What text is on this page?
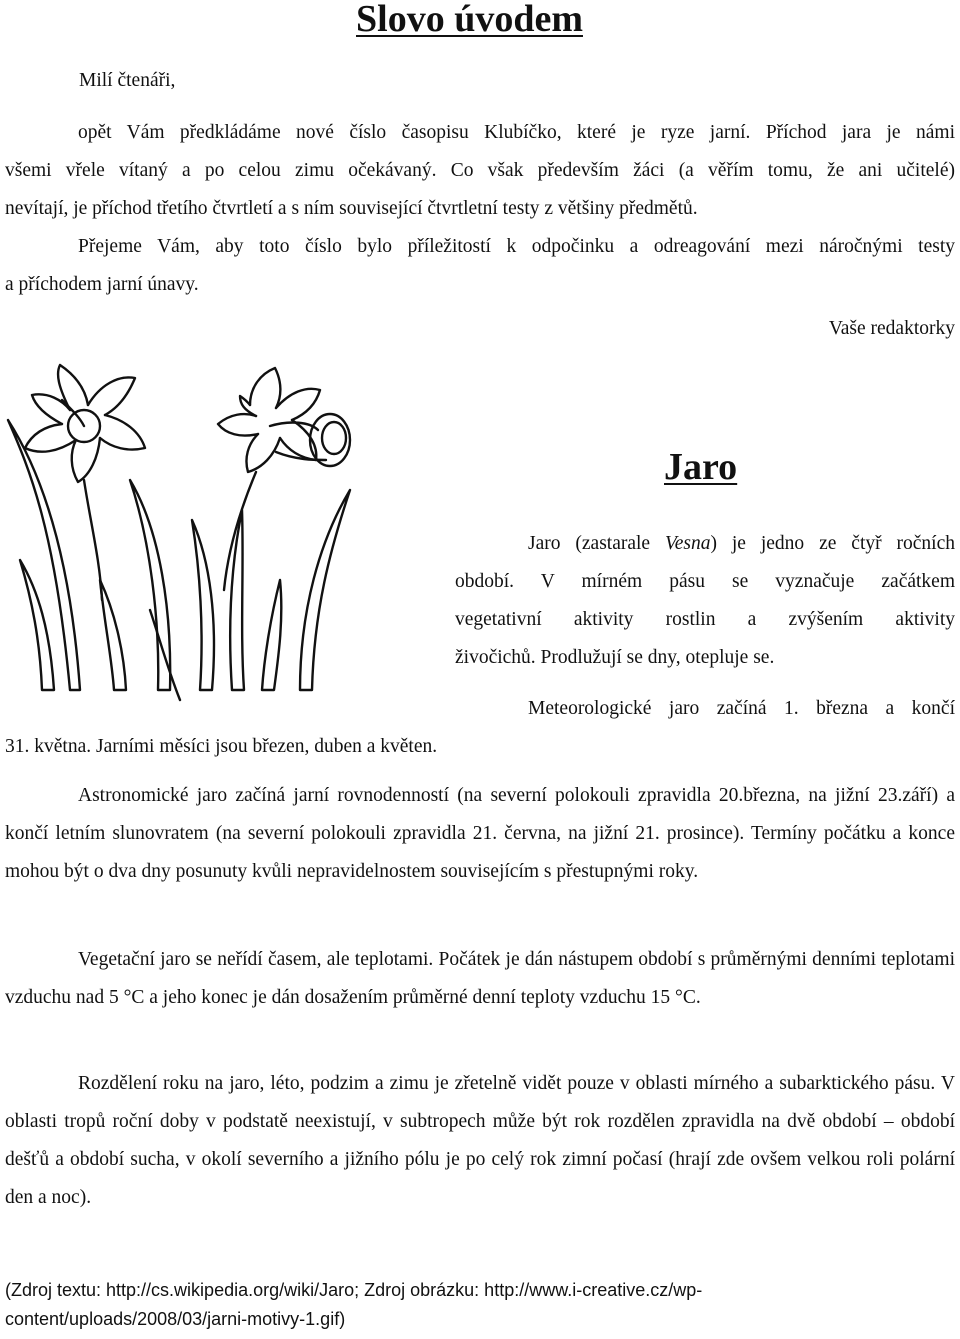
Slovo úvodem
Milí čtenáři,
opět Vám předkládáme nové číslo časopisu Klubíčko, které je ryze jarní. Příchod jara je námi
všemi vřele vítaný a po celou zimu očekávaný. Co však především žáci (a věřím tomu, že ani učitelé)
nevítají, je příchod třetího čtvrtletí a s ním související čtvrtletní testy z většiny předmětů.
Přejeme Vám, aby toto číslo bylo příležitostí k odpočinku a odreagování mezi náročnými testy
a příchodem jarní únavy.
Vaše redaktorky
Jaro
Jaro (zastarale Vesna) je jedno ze čtyř ročních
období. V mírném pásu se vyznačuje začátkem
vegetativní aktivity rostlin a zvýšením aktivity
živočichů. Prodlužují se dny, otepluje se.
Meteorologické jaro začíná 1. března a končí
31. května. Jarními měsíci jsou březen, duben a květen.
Astronomické jaro začíná jarní rovnodenností (na severní polokouli zpravidla 20.března, na jižní 23.září) a končí letním slunovratem (na severní polokouli zpravidla 21. června, na jižní 21. prosince). Termíny počátku a konce mohou být o dva dny posunuty kvůli nepravidelnostem souvisejícím s přestupnými roky.
Vegetační jaro se neřídí časem, ale teplotami. Počátek je dán nástupem období s průměrnými denními teplotami vzduchu nad 5 °C a jeho konec je dán dosažením průměrné denní teploty vzduchu 15 °C.
Rozdělení roku na jaro, léto, podzim a zimu je zřetelně vidět pouze v oblasti mírného a subarktického pásu. V oblasti tropů roční doby v podstatě neexistují, v subtropech může být rok rozdělen zpravidla na dvě období – období dešťů a období sucha, v okolí severního a jižního pólu je po celý rok zimní počasí (hrají zde ovšem velkou roli polární den a noc).
(Zdroj textu: http://cs.wikipedia.org/wiki/Jaro; Zdroj obrázku: http://www.i-creative.cz/wp-
content/uploads/2008/03/jarni-motivy-1.gif)
